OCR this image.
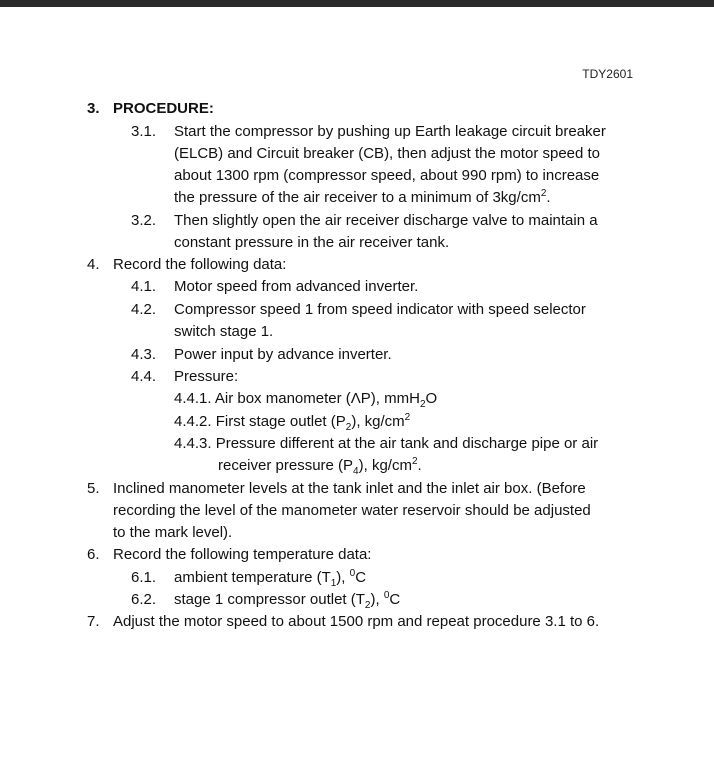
TDY2601
3. PROCEDURE:
3.1. Start the compressor by pushing up Earth leakage circuit breaker
(ELCB) and Circuit breaker (CB), then adjust the motor speed to
about 1300 rpm (compressor speed, about 990 rpm) to increase
the pressure of the air receiver to a minimum of $3kg/cm^2$.
3.2. Then slightly open the air receiver discharge valve to maintain a
constant pressure in the air receiver tank.
4. Record the following data:
4.1. Motor speed from advanced inverter.
4.2. Compressor speed 1 from speed indicator with speed selector
switch stage 1.
4.3. Power input by advance inverter.
4.4. Pressure:
4.4.1. Air box manometer (ΛP), mmH$_2$O
4.4.2. First stage outlet $(P_2)$, $kg/cm^2$
4.4.3. Pressure different at the air tank and discharge pipe or air
receiver pressure $(P_4)$, $kg/cm^2$.
5. Inclined manometer levels at the tank inlet and the inlet air box. (Before
recording the level of the manometer water reservoir should be adjusted
to the mark level).
6. Record the following temperature data:
6.1. ambient temperature $(T_1)$, $^0$C
6.2. stage 1 compressor outlet $(T_2)$, $^0$C
7. Adjust the motor speed to about 1500 rpm and repeat procedure 3.1 to 6.
